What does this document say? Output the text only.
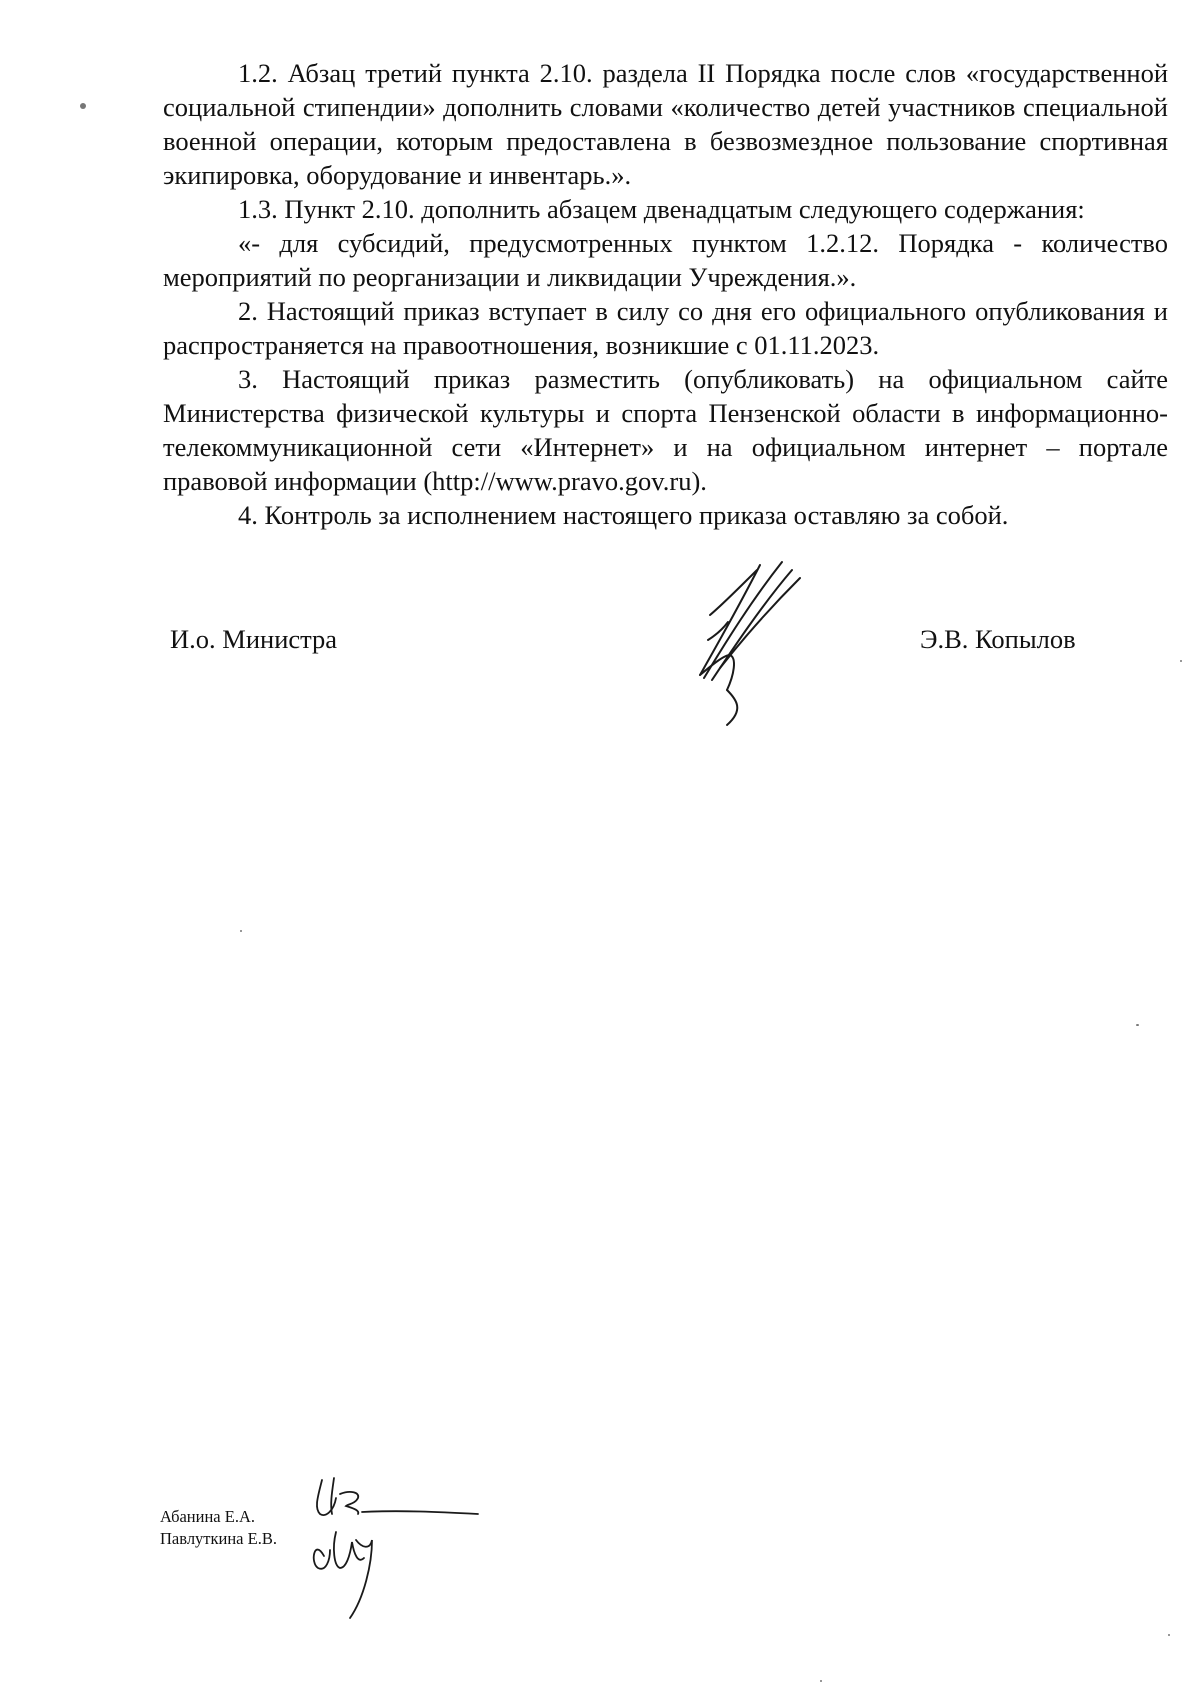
1.2. Абзац третий пункта 2.10. раздела II Порядка после слов «государственной социальной стипендии» дополнить словами «количество детей участников специальной военной операции, которым предоставлена в безвозмездное пользование спортивная экипировка, оборудование и инвентарь.».

1.3. Пункт 2.10. дополнить абзацем двенадцатым следующего содержания:

«- для субсидий, предусмотренных пунктом 1.2.12. Порядка - количество мероприятий по реорганизации и ликвидации Учреждения.».

2. Настоящий приказ вступает в силу со дня его официального опубликования и распространяется на правоотношения, возникшие с 01.11.2023.

3. Настоящий приказ разместить (опубликовать) на официальном сайте Министерства физической культуры и спорта Пензенской области в информационно-телекоммуникационной сети «Интернет» и на официальном интернет – портале правовой информации (http://www.pravo.gov.ru).

4. Контроль за исполнением настоящего приказа оставляю за собой.

И.о. Министра	Э.В. Копылов
Абанина Е.А.
Павлуткина Е.В.
